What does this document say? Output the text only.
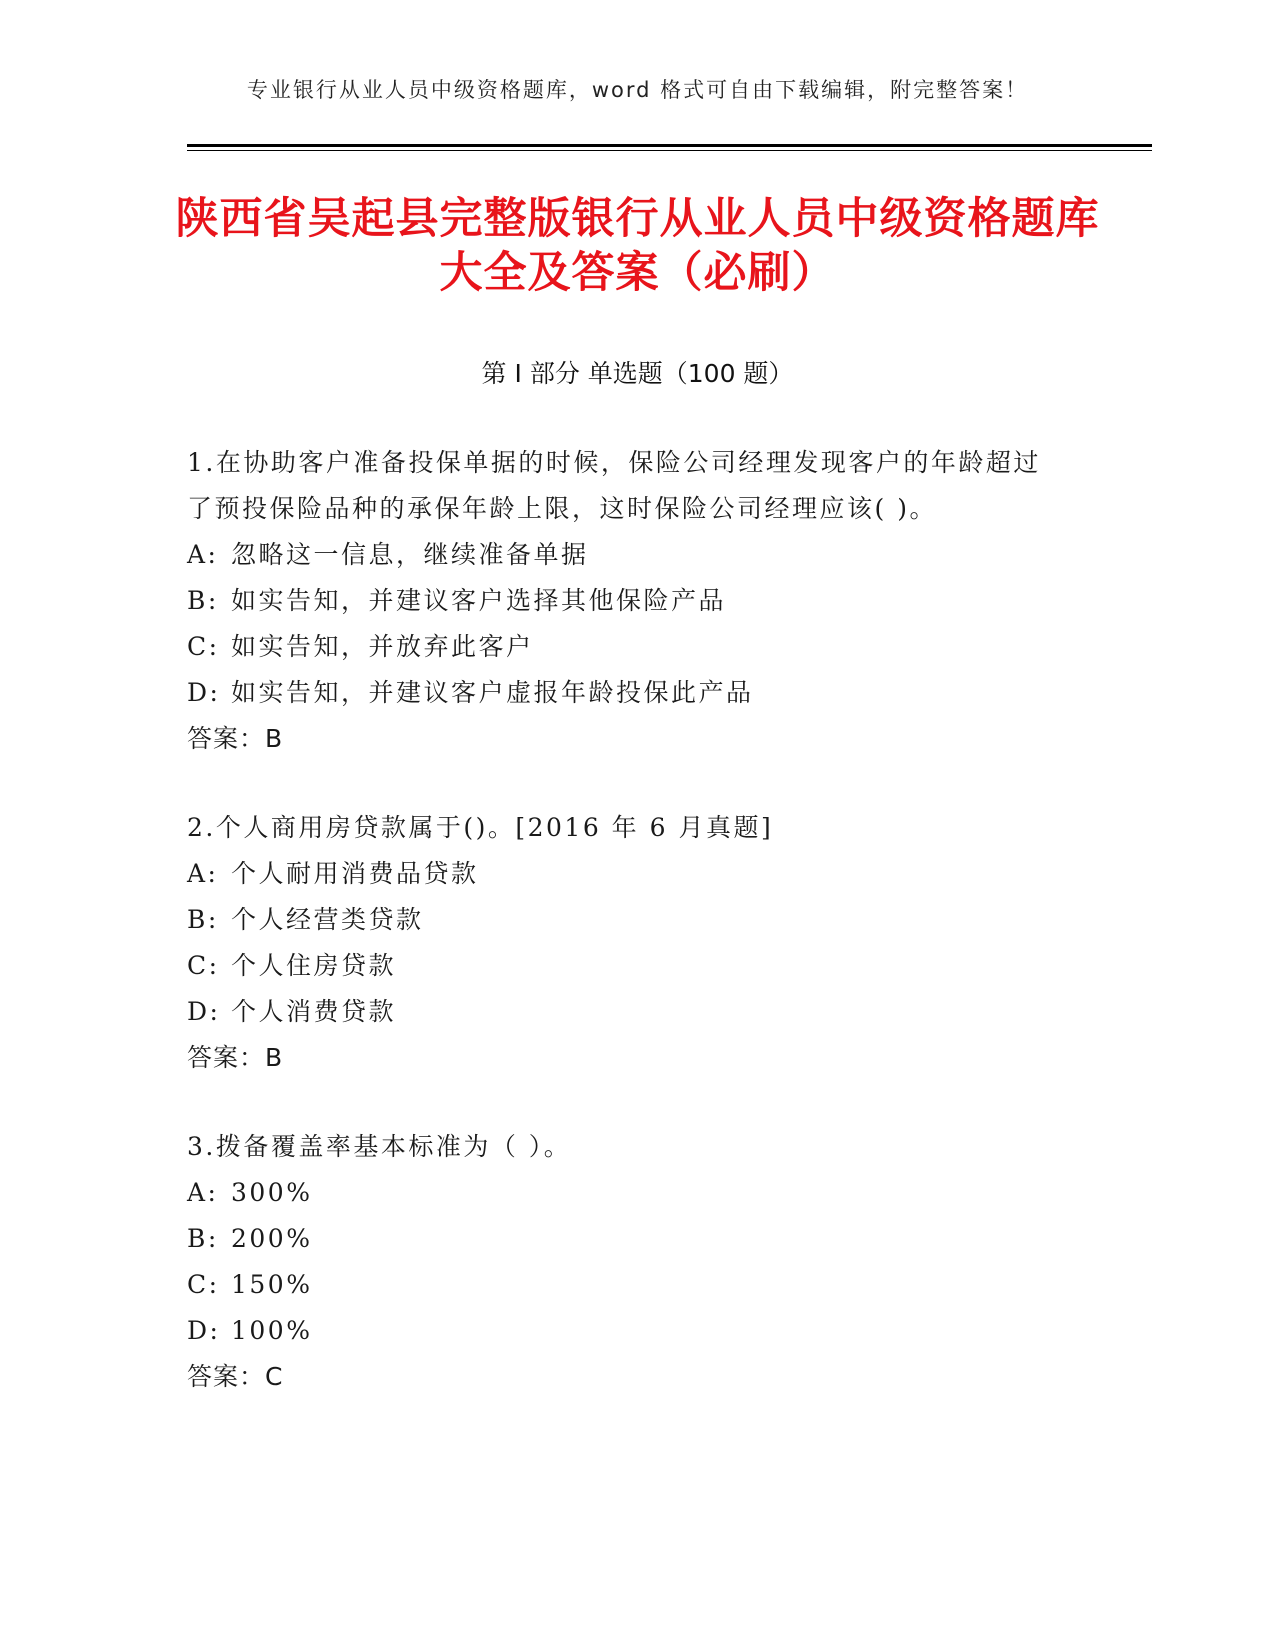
专业银行从业人员中级资格题库，word 格式可自由下载编辑，附完整答案！
陕西省吴起县完整版银行从业人员中级资格题库大全及答案（必刷）
第 I 部分 单选题（100 题）

1.在协助客户准备投保单据的时候，保险公司经理发现客户的年龄超过了预投保险品种的承保年龄上限，这时保险公司经理应该( )。

A: 忽略这一信息，继续准备单据

B: 如实告知，并建议客户选择其他保险产品

C: 如实告知，并放弃此客户

D: 如实告知，并建议客户虚报年龄投保此产品

答案：B

2.个人商用房贷款属于()。[2016 年 6 月真题]

A: 个人耐用消费品贷款

B: 个人经营类贷款

C: 个人住房贷款

D: 个人消费贷款

答案：B

3.拨备覆盖率基本标准为（ ）。

A: 300%

B: 200%

C: 150%

D: 100%

答案：C
